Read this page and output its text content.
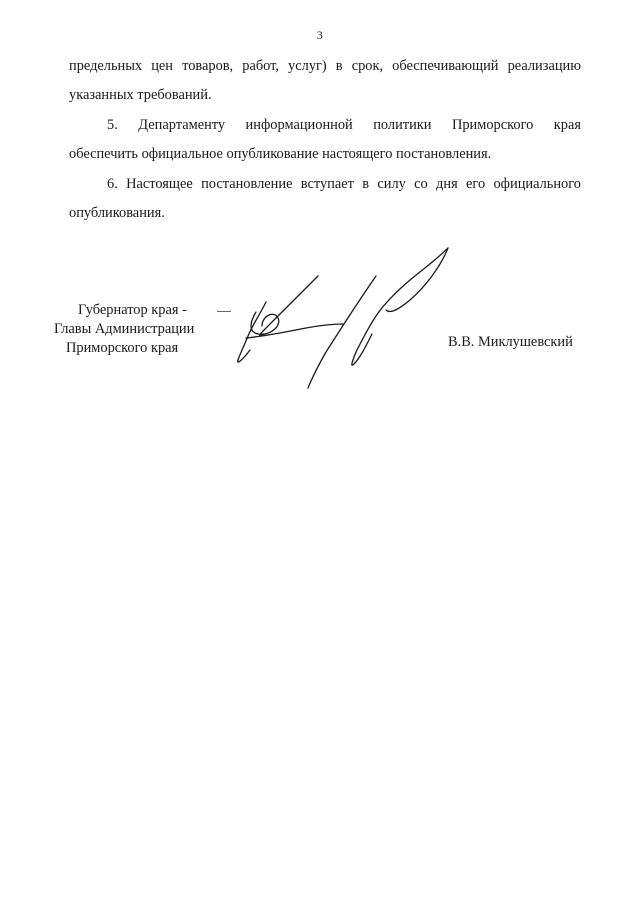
3

предельных цен товаров, работ, услуг) в срок, обеспечивающий реализацию
указанных требований.

5. Департаменту информационной политики Приморского края
обеспечить официальное опубликование настоящего постановления.

6. Настоящее постановление вступает в силу со дня его официального
опубликования.

Губернатор края -
Главы Администрации
Приморского края	В.В. Миклушевский
